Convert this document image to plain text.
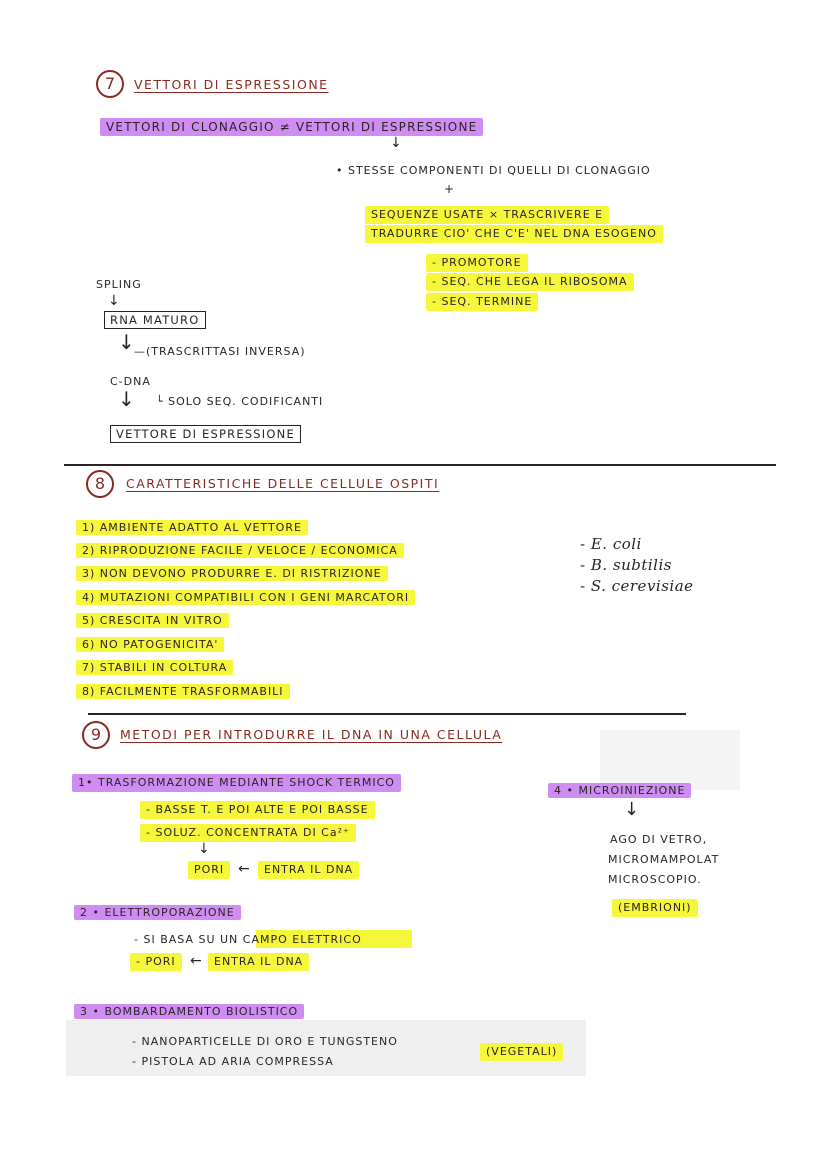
7	VETTORI DI ESPRESSIONE
VETTORI DI CLONAGGIO ≠ VETTORI DI ESPRESSIONE
↓
• STESSE COMPONENTI DI QUELLI DI CLONAGGIO
+
SEQUENZE USATE × TRASCRIVERE E
TRADURRE CIO' CHE C'E' NEL DNA ESOGENO
- PROMOTORE
- SEQ. CHE LEGA IL RIBOSOMA
- SEQ. TERMINE
SPLING
↓
RNA MATURO
↓ —(TRASCRITTASI INVERSA)
C-DNA
└ SOLO SEQ. CODIFICANTI
↓
VETTORE DI ESPRESSIONE
8	CARATTERISTICHE DELLE CELLULE OSPITI
1) AMBIENTE ADATTO AL VETTORE
2) RIPRODUZIONE FACILE / VELOCE / ECONOMICA
3) NON DEVONO PRODURRE E. DI RISTRIZIONE
4) MUTAZIONI COMPATIBILI CON I GENI MARCATORI
5) CRESCITA IN VITRO
6) NO PATOGENICITA'
7) STABILI IN COLTURA
8) FACILMENTE TRASFORMABILI
- E. coli
- B. subtilis
- S. cerevisiae
9	METODI PER INTRODURRE IL DNA IN UNA CELLULA
1• TRASFORMAZIONE MEDIANTE SHOCK TERMICO
- BASSE T. E POI ALTE E POI BASSE
- SOLUZ. CONCENTRATA DI Ca²⁺
↓
PORI ←	ENTRA IL DNA
2 • ELETTROPORAZIONE
- SI BASA SU UN CAMPO ELETTRICO
- PORI	←	ENTRA IL DNA
3 • BOMBARDAMENTO BIOLISTICO
- NANOPARTICELLE DI ORO E TUNGSTENO
- PISTOLA AD ARIA COMPRESSA
(VEGETALI)
4 • MICROINIEZIONE
↓
AGO DI VETRO,
MICROMAMPOLAT
MICROSCOPIO.
(EMBRIONI)
